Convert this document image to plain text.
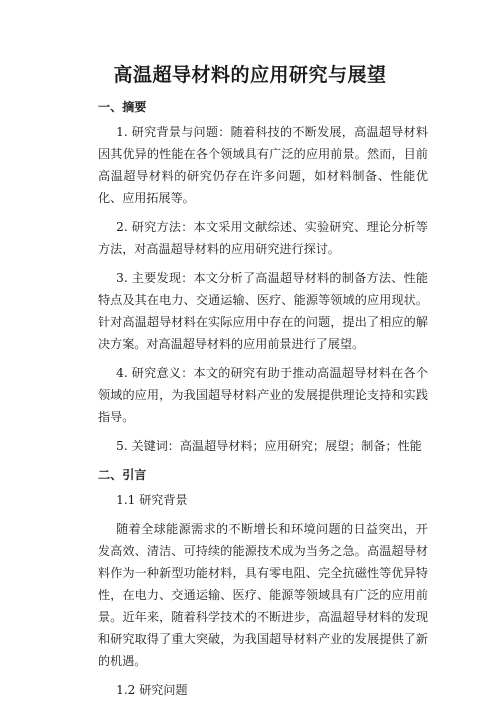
高温超导材料的应用研究与展望

一、摘要

1. 研究背景与问题：随着科技的不断发展，高温超导材料因其优异的性能在各个领域具有广泛的应用前景。然而，目前高温超导材料的研究仍存在许多问题，如材料制备、性能优化、应用拓展等。

2. 研究方法：本文采用文献综述、实验研究、理论分析等方法，对高温超导材料的应用研究进行探讨。

3. 主要发现：本文分析了高温超导材料的制备方法、性能特点及其在电力、交通运输、医疗、能源等领域的应用现状。针对高温超导材料在实际应用中存在的问题，提出了相应的解决方案。对高温超导材料的应用前景进行了展望。

4. 研究意义：本文的研究有助于推动高温超导材料在各个领域的应用，为我国超导材料产业的发展提供理论支持和实践指导。

5. 关键词：高温超导材料；应用研究；展望；制备；性能

二、引言

1.1 研究背景

随着全球能源需求的不断增长和环境问题的日益突出，开发高效、清洁、可持续的能源技术成为当务之急。高温超导材料作为一种新型功能材料，具有零电阻、完全抗磁性等优异特性，在电力、交通运输、医疗、能源等领域具有广泛的应用前景。近年来，随着科学技术的不断进步，高温超导材料的发现和研究取得了重大突破，为我国超导材料产业的发展提供了新的机遇。

1.2 研究问题
